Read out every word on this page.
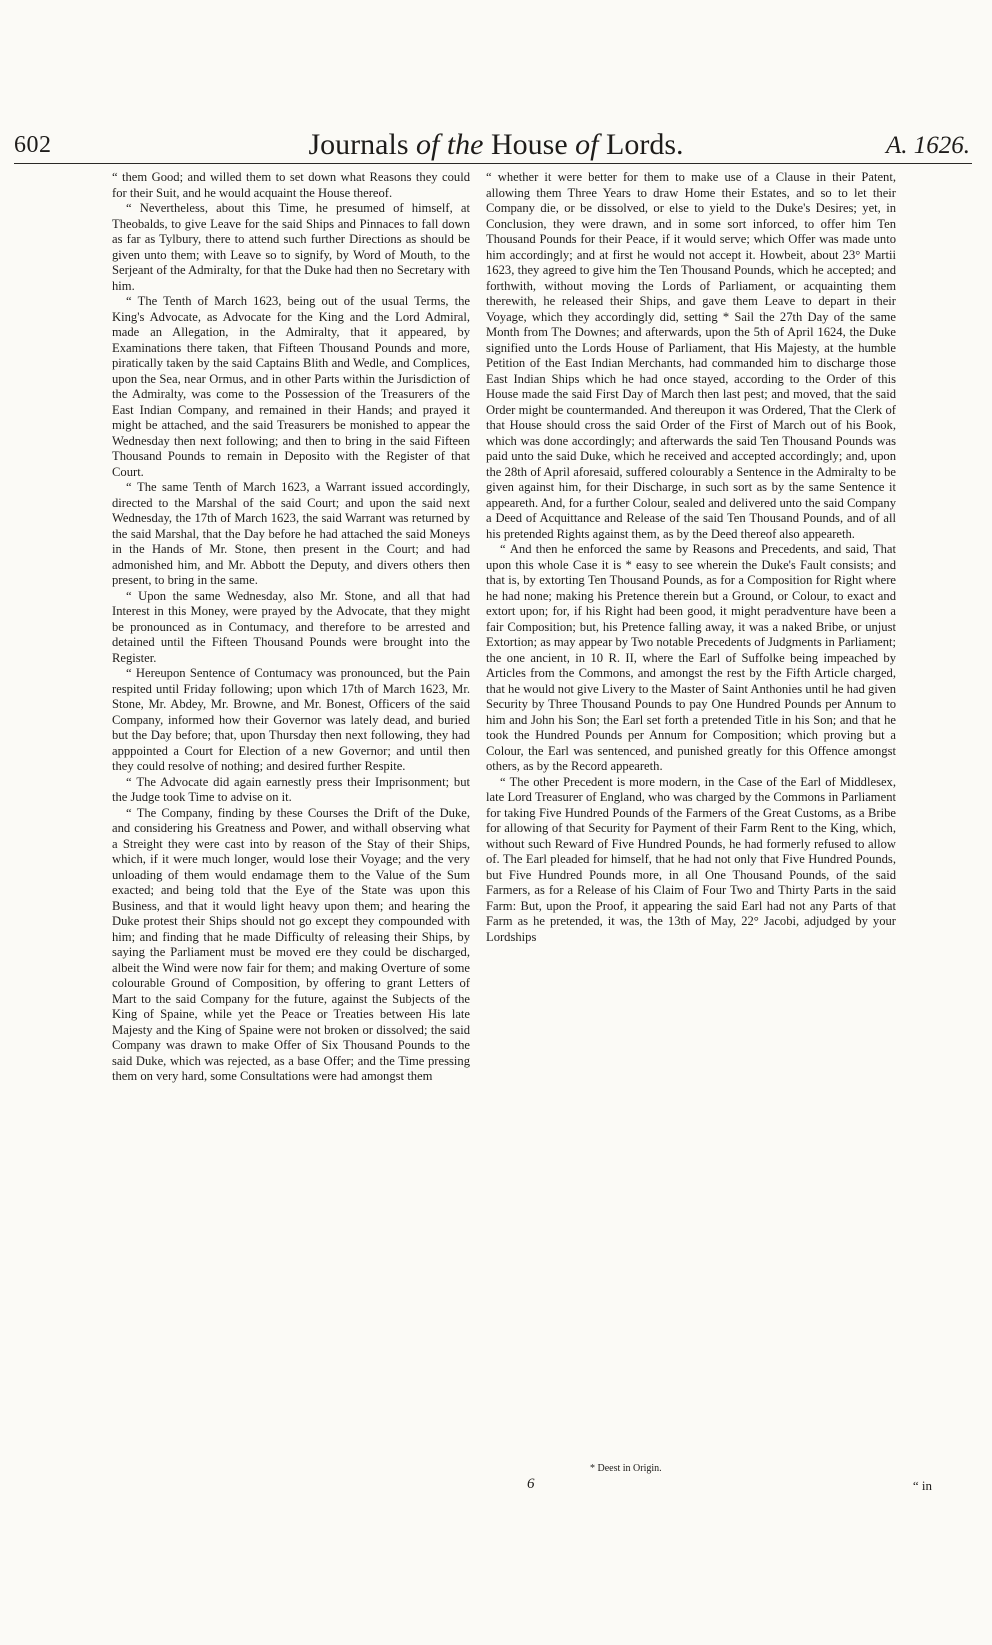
602	Journals of the House of Lords.	A. 1626.

“ them Good; and willed them to set down what Reasons they could for their Suit, and he would acquaint the House thereof.

“ Nevertheless, about this Time, he presumed of himself, at Theobalds, to give Leave for the said Ships and Pinnaces to fall down as far as Tylbury, there to attend such further Directions as should be given unto them; with Leave so to signify, by Word of Mouth, to the Serjeant of the Admiralty, for that the Duke had then no Secretary with him.

“ The Tenth of March 1623, being out of the usual Terms, the King's Advocate, as Advocate for the King and the Lord Admiral, made an Allegation, in the Admiralty, that it appeared, by Examinations there taken, that Fifteen Thousand Pounds and more, piratically taken by the said Captains Blith and Wedle, and Complices, upon the Sea, near Ormus, and in other Parts within the Jurisdiction of the Admiralty, was come to the Possession of the Treasurers of the East Indian Company, and remained in their Hands; and prayed it might be attached, and the said Treasurers be monished to appear the Wednesday then next following; and then to bring in the said Fifteen Thousand Pounds to remain in Deposito with the Register of that Court.

“ The same Tenth of March 1623, a Warrant issued accordingly, directed to the Marshal of the said Court; and upon the said next Wednesday, the 17th of March 1623, the said Warrant was returned by the said Marshal, that the Day before he had attached the said Moneys in the Hands of Mr. Stone, then present in the Court; and had admonished him, and Mr. Abbott the Deputy, and divers others then present, to bring in the same.

“ Upon the same Wednesday, also Mr. Stone, and all that had Interest in this Money, were prayed by the Advocate, that they might be pronounced as in Contumacy, and therefore to be arrested and detained until the Fifteen Thousand Pounds were brought into the Register.

“ Hereupon Sentence of Contumacy was pronounced, but the Pain respited until Friday following; upon which 17th of March 1623, Mr. Stone, Mr. Abdey, Mr. Browne, and Mr. Bonest, Officers of the said Company, informed how their Governor was lately dead, and buried but the Day before; that, upon Thursday then next following, they had apppointed a Court for Election of a new Governor; and until then they could resolve of nothing; and desired further Respite.

“ The Advocate did again earnestly press their Imprisonment; but the Judge took Time to advise on it.

“ The Company, finding by these Courses the Drift of the Duke, and considering his Greatness and Power, and withall observing what a Streight they were cast into by reason of the Stay of their Ships, which, if it were much longer, would lose their Voyage; and the very unloading of them would endamage them to the Value of the Sum exacted; and being told that the Eye of the State was upon this Business, and that it would light heavy upon them; and hearing the Duke protest their Ships should not go except they compounded with him; and finding that he made Difficulty of releasing their Ships, by saying the Parliament must be moved ere they could be discharged, albeit the Wind were now fair for them; and making Overture of some colourable Ground of Composition, by offering to grant Letters of Mart to the said Company for the future, against the Subjects of the King of Spaine, while yet the Peace or Treaties between His late Majesty and the King of Spaine were not broken or dissolved; the said Company was drawn to make Offer of Six Thousand Pounds to the said Duke, which was rejected, as a base Offer; and the Time pressing them on very hard, some Consultations were had amongst them

“ whether it were better for them to make use of a Clause in their Patent, allowing them Three Years to draw Home their Estates, and so to let their Company die, or be dissolved, or else to yield to the Duke's Desires; yet, in Conclusion, they were drawn, and in some sort inforced, to offer him Ten Thousand Pounds for their Peace, if it would serve; which Offer was made unto him accordingly; and at first he would not accept it. Howbeit, about 23° Martii 1623, they agreed to give him the Ten Thousand Pounds, which he accepted; and forthwith, without moving the Lords of Parliament, or acquainting them therewith, he released their Ships, and gave them Leave to depart in their Voyage, which they accordingly did, setting * Sail the 27th Day of the same Month from The Downes; and afterwards, upon the 5th of April 1624, the Duke signified unto the Lords House of Parliament, that His Majesty, at the humble Petition of the East Indian Merchants, had commanded him to discharge those East Indian Ships which he had once stayed, according to the Order of this House made the said First Day of March then last pest; and moved, that the said Order might be countermanded. And thereupon it was Ordered, That the Clerk of that House should cross the said Order of the First of March out of his Book, which was done accordingly; and afterwards the said Ten Thousand Pounds was paid unto the said Duke, which he received and accepted accordingly; and, upon the 28th of April aforesaid, suffered colourably a Sentence in the Admiralty to be given against him, for their Discharge, in such sort as by the same Sentence it appeareth. And, for a further Colour, sealed and delivered unto the said Company a Deed of Acquittance and Release of the said Ten Thousand Pounds, and of all his pretended Rights against them, as by the Deed thereof also appeareth.

“ And then he enforced the same by Reasons and Precedents, and said, That upon this whole Case it is * easy to see wherein the Duke's Fault consists; and that is, by extorting Ten Thousand Pounds, as for a Composition for Right where he had none; making his Pretence therein but a Ground, or Colour, to exact and extort upon; for, if his Right had been good, it might peradventure have been a fair Composition; but, his Pretence falling away, it was a naked Bribe, or unjust Extortion; as may appear by Two notable Precedents of Judgments in Parliament; the one ancient, in 10 R. II, where the Earl of Suffolke being impeached by Articles from the Commons, and amongst the rest by the Fifth Article charged, that he would not give Livery to the Master of Saint Anthonies until he had given Security by Three Thousand Pounds to pay One Hundred Pounds per Annum to him and John his Son; the Earl set forth a pretended Title in his Son; and that he took the Hundred Pounds per Annum for Composition; which proving but a Colour, the Earl was sentenced, and punished greatly for this Offence amongst others, as by the Record appeareth.

“ The other Precedent is more modern, in the Case of the Earl of Middlesex, late Lord Treasurer of England, who was charged by the Commons in Parliament for taking Five Hundred Pounds of the Farmers of the Great Customs, as a Bribe for allowing of that Security for Payment of their Farm Rent to the King, which, without such Reward of Five Hundred Pounds, he had formerly refused to allow of. The Earl pleaded for himself, that he had not only that Five Hundred Pounds, but Five Hundred Pounds more, in all One Thousand Pounds, of the said Farmers, as for a Release of his Claim of Four Two and Thirty Parts in the said Farm: But, upon the Proof, it appearing the said Earl had not any Parts of that Farm as he pretended, it was, the 13th of May, 22° Jacobi, adjudged by your Lordships

* Deest in Origin.
6	“ in
